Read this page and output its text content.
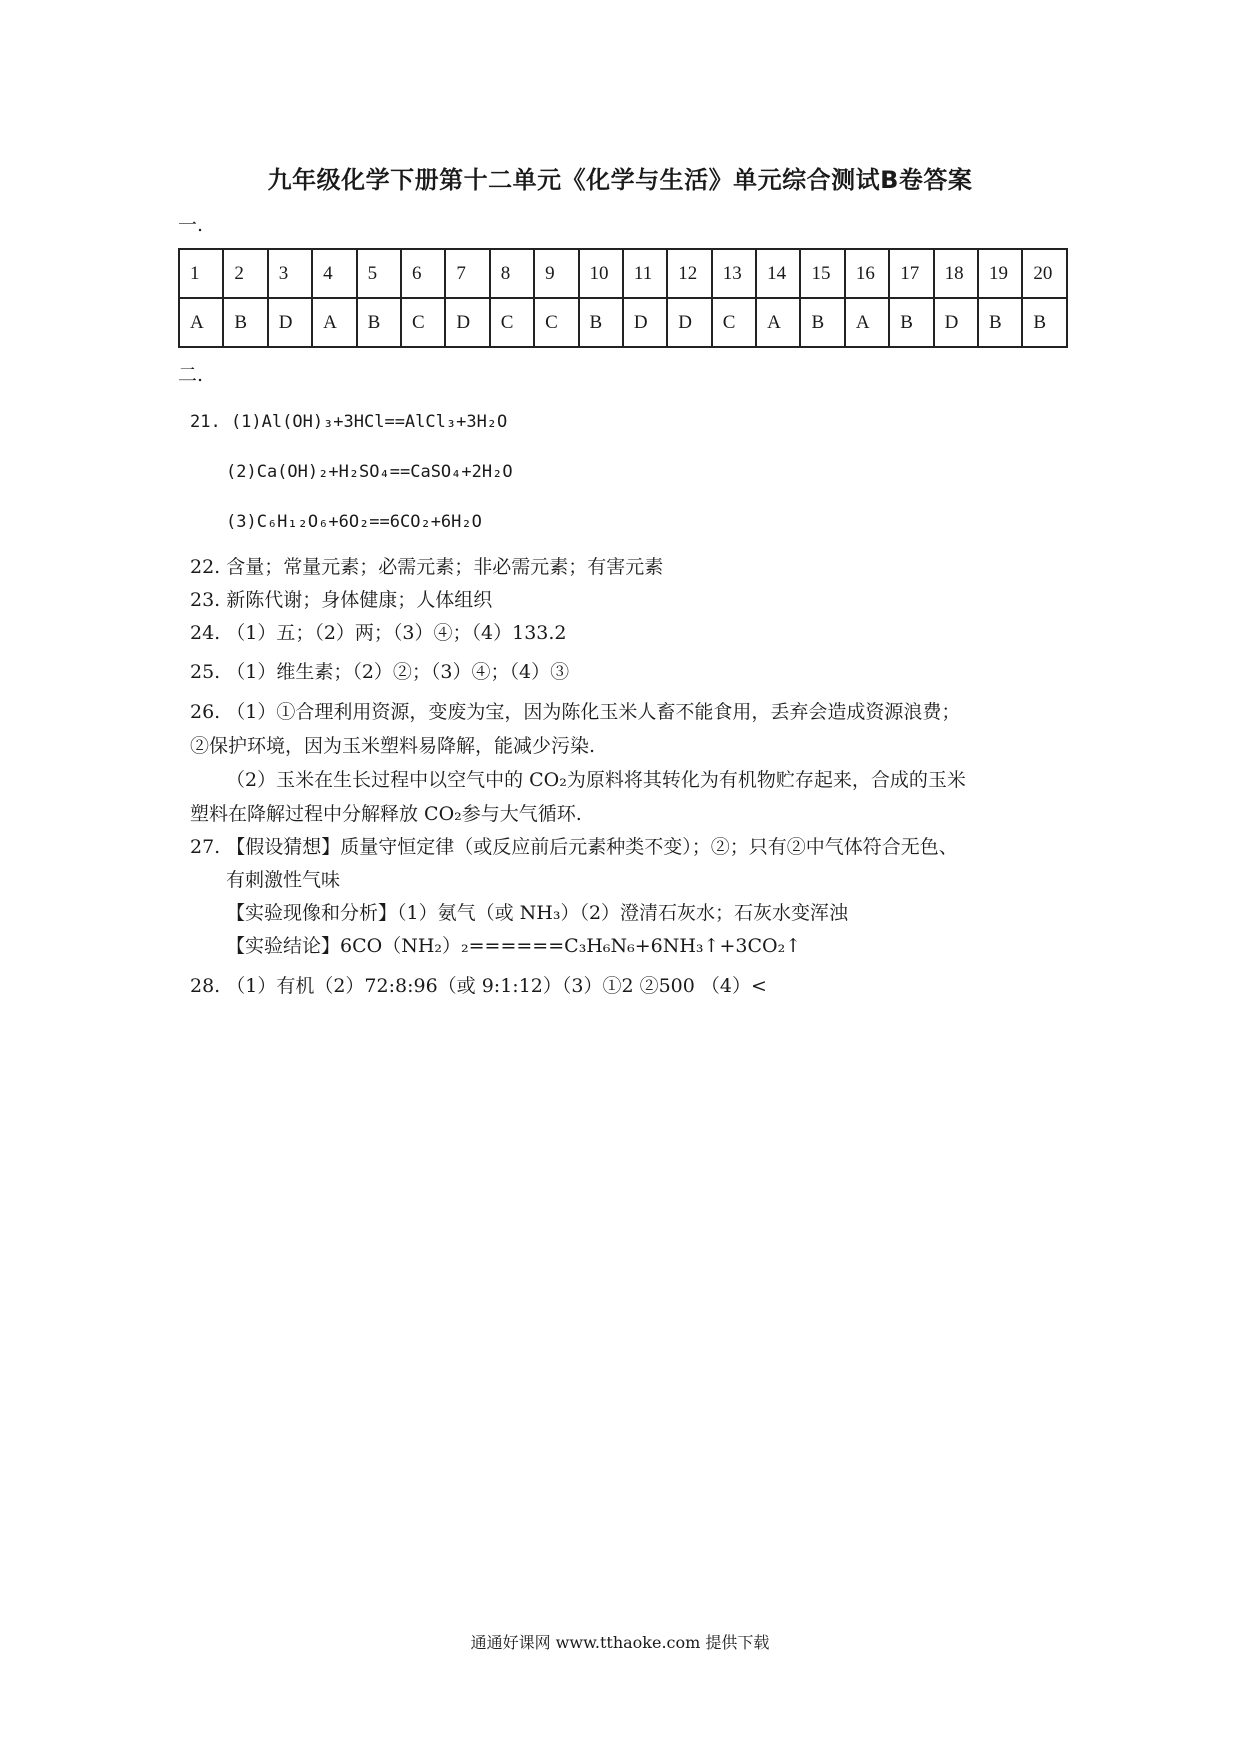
九年级化学下册第十二单元《化学与生活》单元综合测试B卷答案
一.
1	2	3	4	5	6	7	8	9	10	11	12	13	14	15	16	17	18	19	20
A	B	D	A	B	C	D	C	C	B	D	D	C	A	B	A	B	D	B	B
二.
21. (1)Al(OH)₃+3HCl==AlCl₃+3H₂O
(2)Ca(OH)₂+H₂SO₄==CaSO₄+2H₂O
(3)C₆H₁₂O₆+6O₂==6CO₂+6H₂O
22. 含量；常量元素；必需元素；非必需元素；有害元素
23. 新陈代谢；身体健康；人体组织
24. （1）五；（2）两；（3）④；（4）133.2
25. （1）维生素；（2）②；（3）④；（4）③
26. （1）①合理利用资源，变废为宝，因为陈化玉米人畜不能食用，丢弃会造成资源浪费；
②保护环境，因为玉米塑料易降解，能减少污染.
（2）玉米在生长过程中以空气中的 CO₂为原料将其转化为有机物贮存起来，合成的玉米
塑料在降解过程中分解释放 CO₂参与大气循环.
27. 【假设猜想】质量守恒定律（或反应前后元素种类不变）；②；只有②中气体符合无色、
有刺激性气味
【实验现像和分析】（1）氨气（或 NH₃）（2）澄清石灰水；石灰水变浑浊
【实验结论】6CO（NH₂）₂======C₃H₆N₆+6NH₃↑+3CO₂↑
28. （1）有机（2）72:8:96（或 9:1:12）（3）①2 ②500 （4）<
通通好课网 www.tthaoke.com 提供下载
